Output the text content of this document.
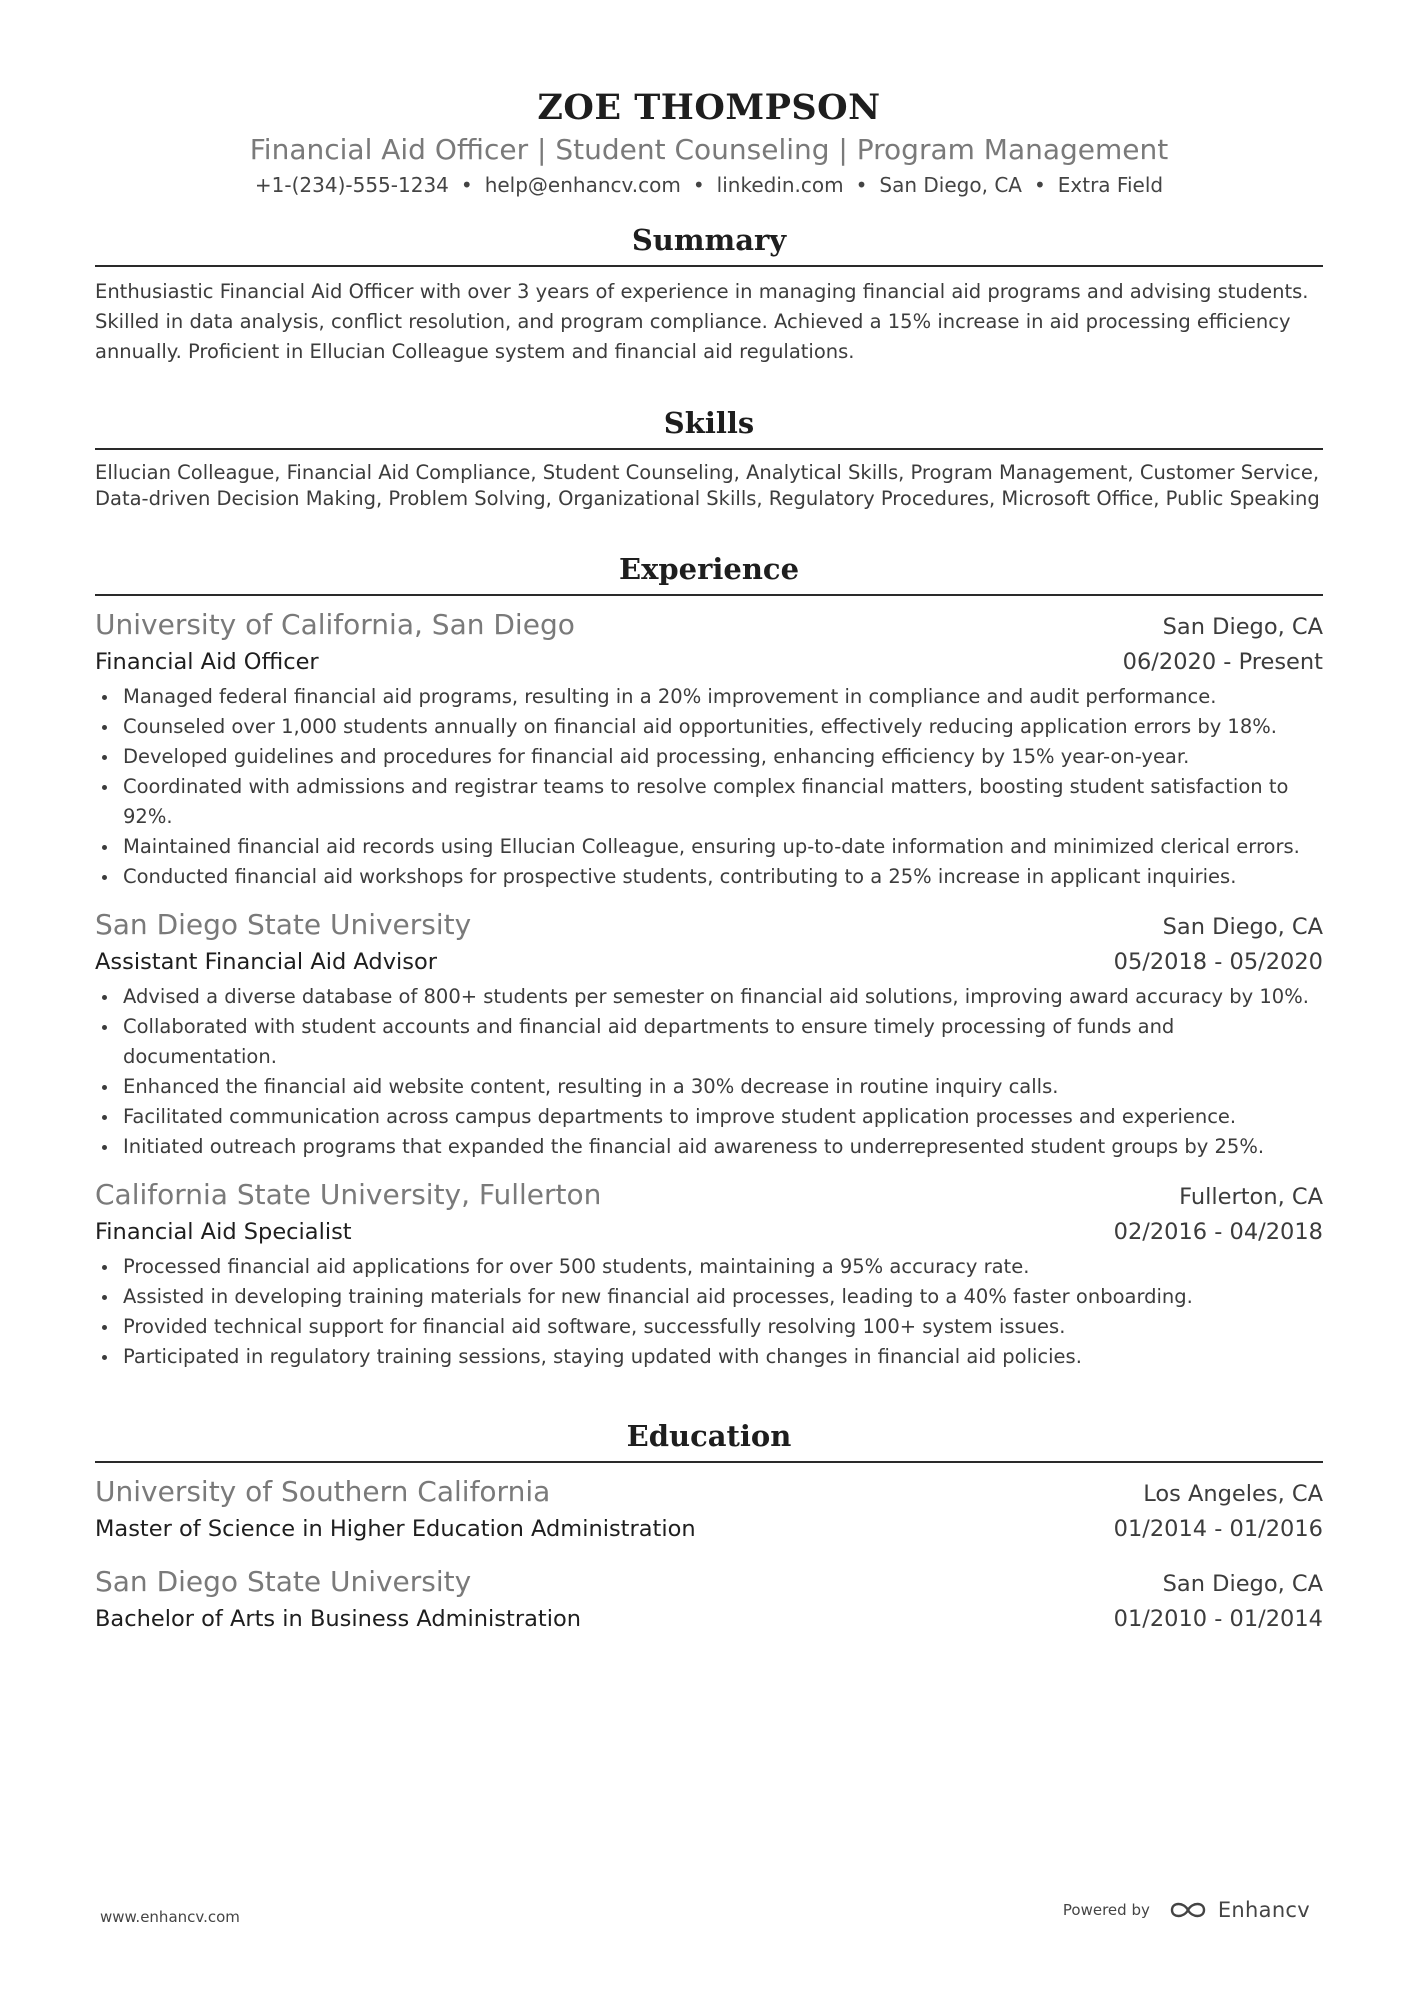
ZOE THOMPSON
Financial Aid Officer | Student Counseling | Program Management
+1-(234)-555-1234 • help@enhancv.com • linkedin.com • San Diego, CA • Extra Field
Summary
Enthusiastic Financial Aid Officer with over 3 years of experience in managing financial aid programs and advising students. Skilled in data analysis, conflict resolution, and program compliance. Achieved a 15% increase in aid processing efficiency annually. Proficient in Ellucian Colleague system and financial aid regulations.
Skills
Ellucian Colleague, Financial Aid Compliance, Student Counseling, Analytical Skills, Program Management, Customer Service, Data-driven Decision Making, Problem Solving, Organizational Skills, Regulatory Procedures, Microsoft Office, Public Speaking
Experience
University of California, San Diego	San Diego, CA
Financial Aid Officer	06/2020 - Present
Managed federal financial aid programs, resulting in a 20% improvement in compliance and audit performance.
Counseled over 1,000 students annually on financial aid opportunities, effectively reducing application errors by 18%.
Developed guidelines and procedures for financial aid processing, enhancing efficiency by 15% year-on-year.
Coordinated with admissions and registrar teams to resolve complex financial matters, boosting student satisfaction to 92%.
Maintained financial aid records using Ellucian Colleague, ensuring up-to-date information and minimized clerical errors.
Conducted financial aid workshops for prospective students, contributing to a 25% increase in applicant inquiries.
San Diego State University	San Diego, CA
Assistant Financial Aid Advisor	05/2018 - 05/2020
Advised a diverse database of 800+ students per semester on financial aid solutions, improving award accuracy by 10%.
Collaborated with student accounts and financial aid departments to ensure timely processing of funds and documentation.
Enhanced the financial aid website content, resulting in a 30% decrease in routine inquiry calls.
Facilitated communication across campus departments to improve student application processes and experience.
Initiated outreach programs that expanded the financial aid awareness to underrepresented student groups by 25%.
California State University, Fullerton	Fullerton, CA
Financial Aid Specialist	02/2016 - 04/2018
Processed financial aid applications for over 500 students, maintaining a 95% accuracy rate.
Assisted in developing training materials for new financial aid processes, leading to a 40% faster onboarding.
Provided technical support for financial aid software, successfully resolving 100+ system issues.
Participated in regulatory training sessions, staying updated with changes in financial aid policies.
Education
University of Southern California	Los Angeles, CA
Master of Science in Higher Education Administration	01/2014 - 01/2016
San Diego State University	San Diego, CA
Bachelor of Arts in Business Administration	01/2010 - 01/2014
www.enhancv.com	Powered by	Enhancv
